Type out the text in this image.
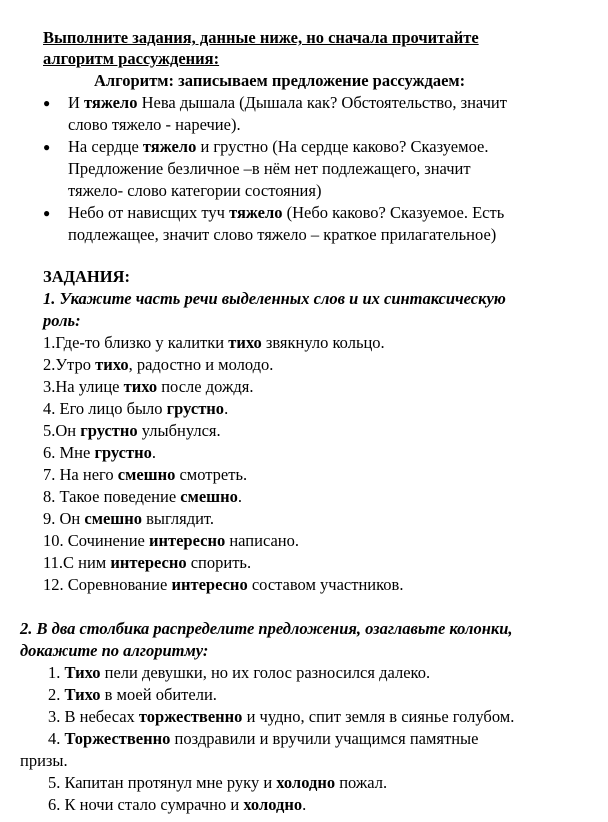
Выполните задания, данные ниже, но сначала прочитайте
алгоритм рассуждения:
Алгоритм: записываем предложение рассуждаем:
● И тяжело Нева дышала (Дышала как? Обстоятельство, значит
слово тяжело - наречие).
● На сердце тяжело и грустно (На сердце каково? Сказуемое.
Предложение безличное –в нём нет подлежащего, значит
тяжело- слово категории состояния)
● Небо от нависщих туч тяжело (Небо каково? Сказуемое. Есть
подлежащее, значит слово тяжело – краткое прилагательное)
ЗАДАНИЯ:
1. Укажите часть речи выделенных слов и их синтаксическую
роль:
1.Где-то близко у калитки тихо звякнуло кольцо.
2.Утро тихо, радостно и молодо.
3.На улице тихо после дождя.
4. Его лицо было грустно.
5.Он грустно улыбнулся.
6. Мне грустно.
7. На него смешно смотреть.
8. Такое поведение смешно.
9. Он смешно выглядит.
10. Сочинение интересно написано.
11.С ним интересно спорить.
12. Соревнование интересно составом участников.
2. В два столбика распределите предложения, озаглавьте колонки,
докажите по алгоритму:
1. Тихо пели девушки, но их голос разносился далеко.
2. Тихо в моей обители.
3. В небесах торжественно и чудно, спит земля в сиянье голубом.
4. Торжественно поздравили и вручили учащимся памятные
призы.
5. Капитан протянул мне руку и холодно пожал.
6. К ночи стало сумрачно и холодно.
